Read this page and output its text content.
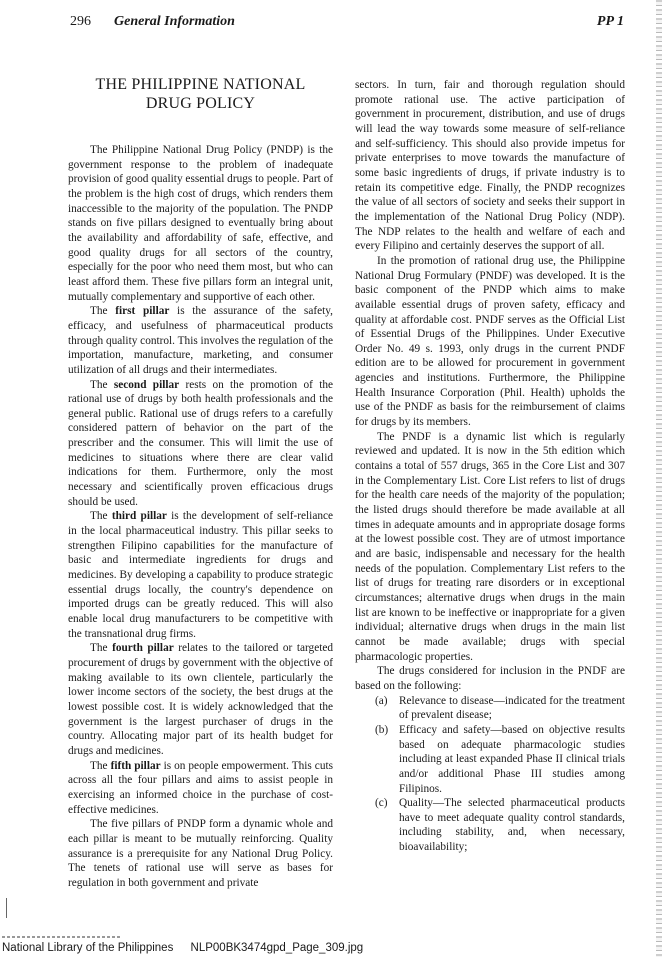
296 General Information	PP 1
THE PHILIPPINE NATIONAL
DRUG POLICY

The Philippine National Drug Policy (PNDP) is the government response to the problem of inadequate provision of good quality essential drugs to people. Part of the problem is the high cost of drugs, which renders them inaccessible to the majority of the population. The PNDP stands on five pillars designed to eventually bring about the availability and affordability of safe, effective, and good quality drugs for all sectors of the country, especially for the poor who need them most, but who can least afford them. These five pillars form an integral unit, mutually complementary and supportive of each other.

The first pillar is the assurance of the safety, efficacy, and usefulness of pharmaceutical products through quality control. This involves the regulation of the importation, manufacture, marketing, and consumer utilization of all drugs and their intermediates.

The second pillar rests on the promotion of the rational use of drugs by both health professionals and the general public. Rational use of drugs refers to a carefully considered pattern of behavior on the part of the prescriber and the consumer. This will limit the use of medicines to situations where there are clear valid indications for them. Furthermore, only the most necessary and scientifically proven efficacious drugs should be used.

The third pillar is the development of self-reliance in the local pharmaceutical industry. This pillar seeks to strengthen Filipino capabilities for the manufacture of basic and intermediate ingredients for drugs and medicines. By developing a capability to produce strategic essential drugs locally, the country's dependence on imported drugs can be greatly reduced. This will also enable local drug manufacturers to be competitive with the transnational drug firms.

The fourth pillar relates to the tailored or targeted procurement of drugs by government with the objective of making available to its own clientele, particularly the lower income sectors of the society, the best drugs at the lowest possible cost. It is widely acknowledged that the government is the largest purchaser of drugs in the country. Allocating major part of its health budget for drugs and medicines.

The fifth pillar is on people empowerment. This cuts across all the four pillars and aims to assist people in exercising an informed choice in the purchase of cost-effective medicines.

The five pillars of PNDP form a dynamic whole and each pillar is meant to be mutually reinforcing. Quality assurance is a prerequisite for any National Drug Policy. The tenets of rational use will serve as bases for regulation in both government and private

sectors. In turn, fair and thorough regulation should promote rational use. The active participation of government in procurement, distribution, and use of drugs will lead the way towards some measure of self-reliance and self-sufficiency. This should also provide impetus for private enterprises to move towards the manufacture of some basic ingredients of drugs, if private industry is to retain its competitive edge. Finally, the PNDP recognizes the value of all sectors of society and seeks their support in the implementation of the National Drug Policy (NDP). The NDP relates to the health and welfare of each and every Filipino and certainly deserves the support of all.

In the promotion of rational drug use, the Philippine National Drug Formulary (PNDF) was developed. It is the basic component of the PNDP which aims to make available essential drugs of proven safety, efficacy and quality at affordable cost. PNDF serves as the Official List of Essential Drugs of the Philippines. Under Executive Order No. 49 s. 1993, only drugs in the current PNDF edition are to be allowed for procurement in government agencies and institutions. Furthermore, the Philippine Health Insurance Corporation (Phil. Health) upholds the use of the PNDF as basis for the reimbursement of claims for drugs by its members.

The PNDF is a dynamic list which is regularly reviewed and updated. It is now in the 5th edition which contains a total of 557 drugs, 365 in the Core List and 307 in the Complementary List. Core List refers to list of drugs for the health care needs of the majority of the population; the listed drugs should therefore be made available at all times in adequate amounts and in appropriate dosage forms at the lowest possible cost. They are of utmost importance and are basic, indispensable and necessary for the health needs of the population. Complementary List refers to the list of drugs for treating rare disorders or in exceptional circumstances; alternative drugs when drugs in the main list are known to be ineffective or inappropriate for a given individual; alternative drugs when drugs in the main list cannot be made available; drugs with special pharmacologic properties.

The drugs considered for inclusion in the PNDF are based on the following:

(a) Relevance to disease—indicated for the treatment of prevalent disease;
(b) Efficacy and safety—based on objective results based on adequate pharmacologic studies including at least expanded Phase II clinical trials and/or additional Phase III studies among Filipinos.
(c) Quality—The selected pharmaceutical products have to meet adequate quality control standards, including stability, and, when necessary, bioavailability;
National Library of the Philippines NLP00BK3474gpd_Page_309.jpg
